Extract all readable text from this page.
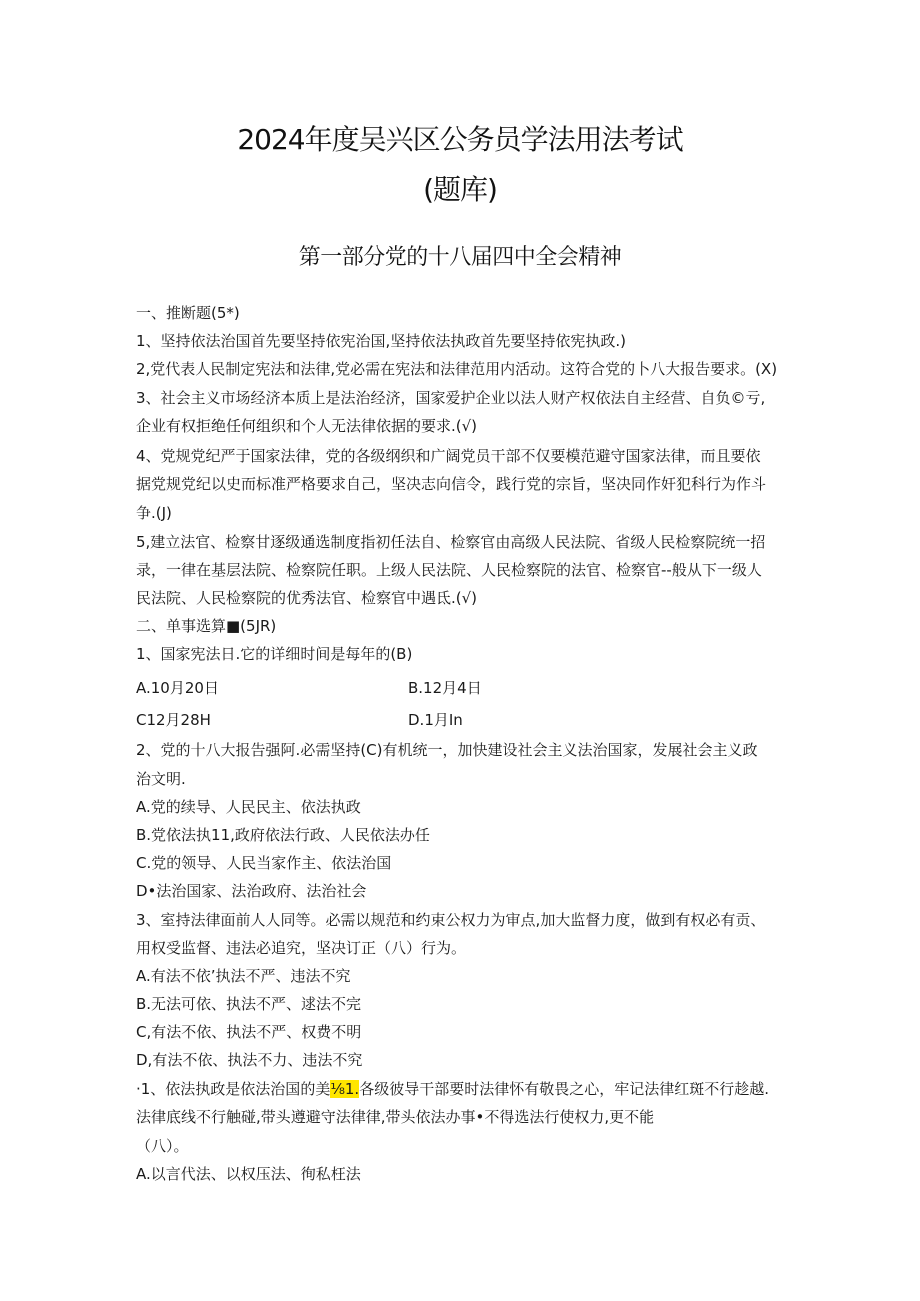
2024年度吴兴区公务员学法用法考试
(题库)
第一部分党的十八届四中全会精神
一、推断题(5*)
1、坚持依法治国首先要坚持依宪治国,坚持依法执政首先要坚持依宪执政.)
2,党代表人民制定宪法和法律,党必需在宪法和法律范用内活动。这符合党的卜八大报告要求。(X)
3、社会主义市场经济本质上是法治经济，国家爱护企业以法人财产权依法自主经营、自负©亏,
企业有权拒绝任何组织和个人无法律依据的要求.(√)
4、党规党纪严于国家法律，党的各级纲织和广阔党员干部不仅要模范避守国家法律，而且要依
据党规党纪以史而标准严格要求自己，坚决志向信令，践行党的宗旨，坚决同作奸犯科行为作斗
争.(J)
5,建立法官、检察甘逐级通选制度指初任法自、检察官由高级人民法院、省级人民检察院统一招
录，一律在基层法院、检察院任职。上级人民法院、人民检察院的法官、检察官--般从下一级人
民法院、人民检察院的优秀法官、检察官中遇氐.(√)
二、单事选算■(5JR)
1、国家宪法日.它的详细时间是每年的(B)
A.10月20日	B.12月4日
C12月28H	D.1月In
2、党的十八大报告强阿.必需坚持(C)有机统一，加快建设社会主义法治国家，发展社会主义政
治文明.
A.党的续导、人民民主、依法执政
B.党依法执11,政府依法行政、人民依法办任
C.党的领导、人民当家作主、依法治国
D•法治国家、法治政府、法治社会
3、室持法律面前人人同等。必需以规范和约束公权力为审点,加大监督力度，做到有权必有贡、
用权受监督、违法必追究，坚决订正（八）行为。
A.有法不依’执法不严、违法不究
B.无法可依、执法不严、逑法不完
C,有法不依、执法不严、权费不明
D,有法不依、执法不力、违法不究
·1、依法执政是依法治国的美⅛1.各级彼导干部要时法律怀有敬畏之心，牢记法律红斑不行趁越.
法律底线不行触碰,带头遵避守法律律,带头依法办事•不得选法行使权力,更不能
（八）。
A.以言代法、以权压法、徇私枉法
